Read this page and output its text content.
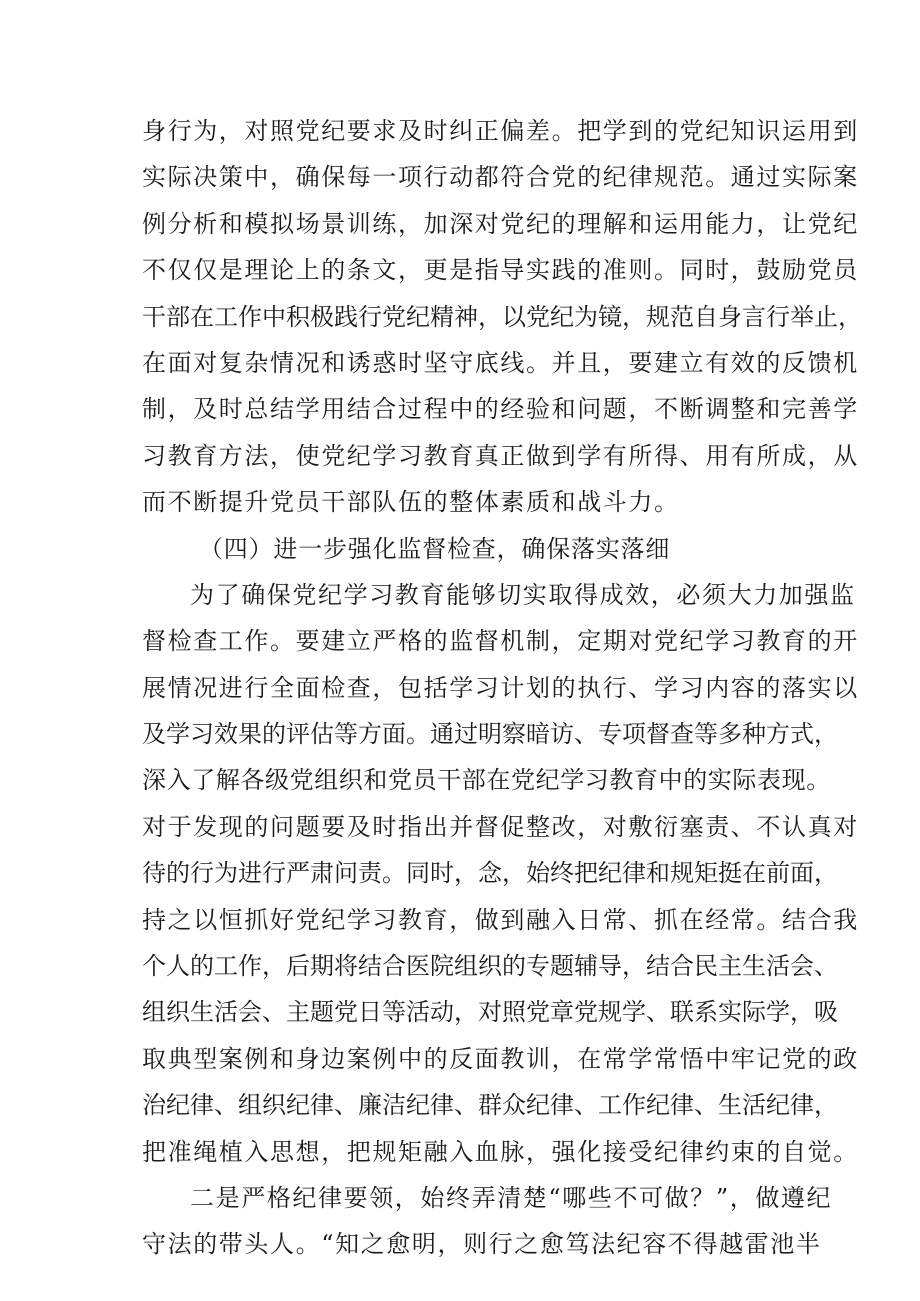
身行为，对照党纪要求及时纠正偏差。把学到的党纪知识运用到
实际决策中，确保每一项行动都符合党的纪律规范。通过实际案
例分析和模拟场景训练，加深对党纪的理解和运用能力，让党纪
不仅仅是理论上的条文，更是指导实践的准则。同时，鼓励党员
干部在工作中积极践行党纪精神，以党纪为镜，规范自身言行举止，
在面对复杂情况和诱惑时坚守底线。并且，要建立有效的反馈机
制，及时总结学用结合过程中的经验和问题，不断调整和完善学
习教育方法，使党纪学习教育真正做到学有所得、用有所成，从
而不断提升党员干部队伍的整体素质和战斗力。
（四）进一步强化监督检查，确保落实落细
为了确保党纪学习教育能够切实取得成效，必须大力加强监
督检查工作。要建立严格的监督机制，定期对党纪学习教育的开
展情况进行全面检查，包括学习计划的执行、学习内容的落实以
及学习效果的评估等方面。通过明察暗访、专项督查等多种方式，
深入了解各级党组织和党员干部在党纪学习教育中的实际表现。
对于发现的问题要及时指出并督促整改，对敷衍塞责、不认真对
待的行为进行严肃问责。同时，念，始终把纪律和规矩挺在前面，
持之以恒抓好党纪学习教育，做到融入日常、抓在经常。结合我
个人的工作，后期将结合医院组织的专题辅导，结合民主生活会、
组织生活会、主题党日等活动，对照党章党规学、联系实际学，吸
取典型案例和身边案例中的反面教训，在常学常悟中牢记党的政
治纪律、组织纪律、廉洁纪律、群众纪律、工作纪律、生活纪律，
把准绳植入思想，把规矩融入血脉，强化接受纪律约束的自觉。
二是严格纪律要领，始终弄清楚“哪些不可做？”，做遵纪
守法的带头人。“知之愈明，则行之愈笃法纪容不得越雷池半
